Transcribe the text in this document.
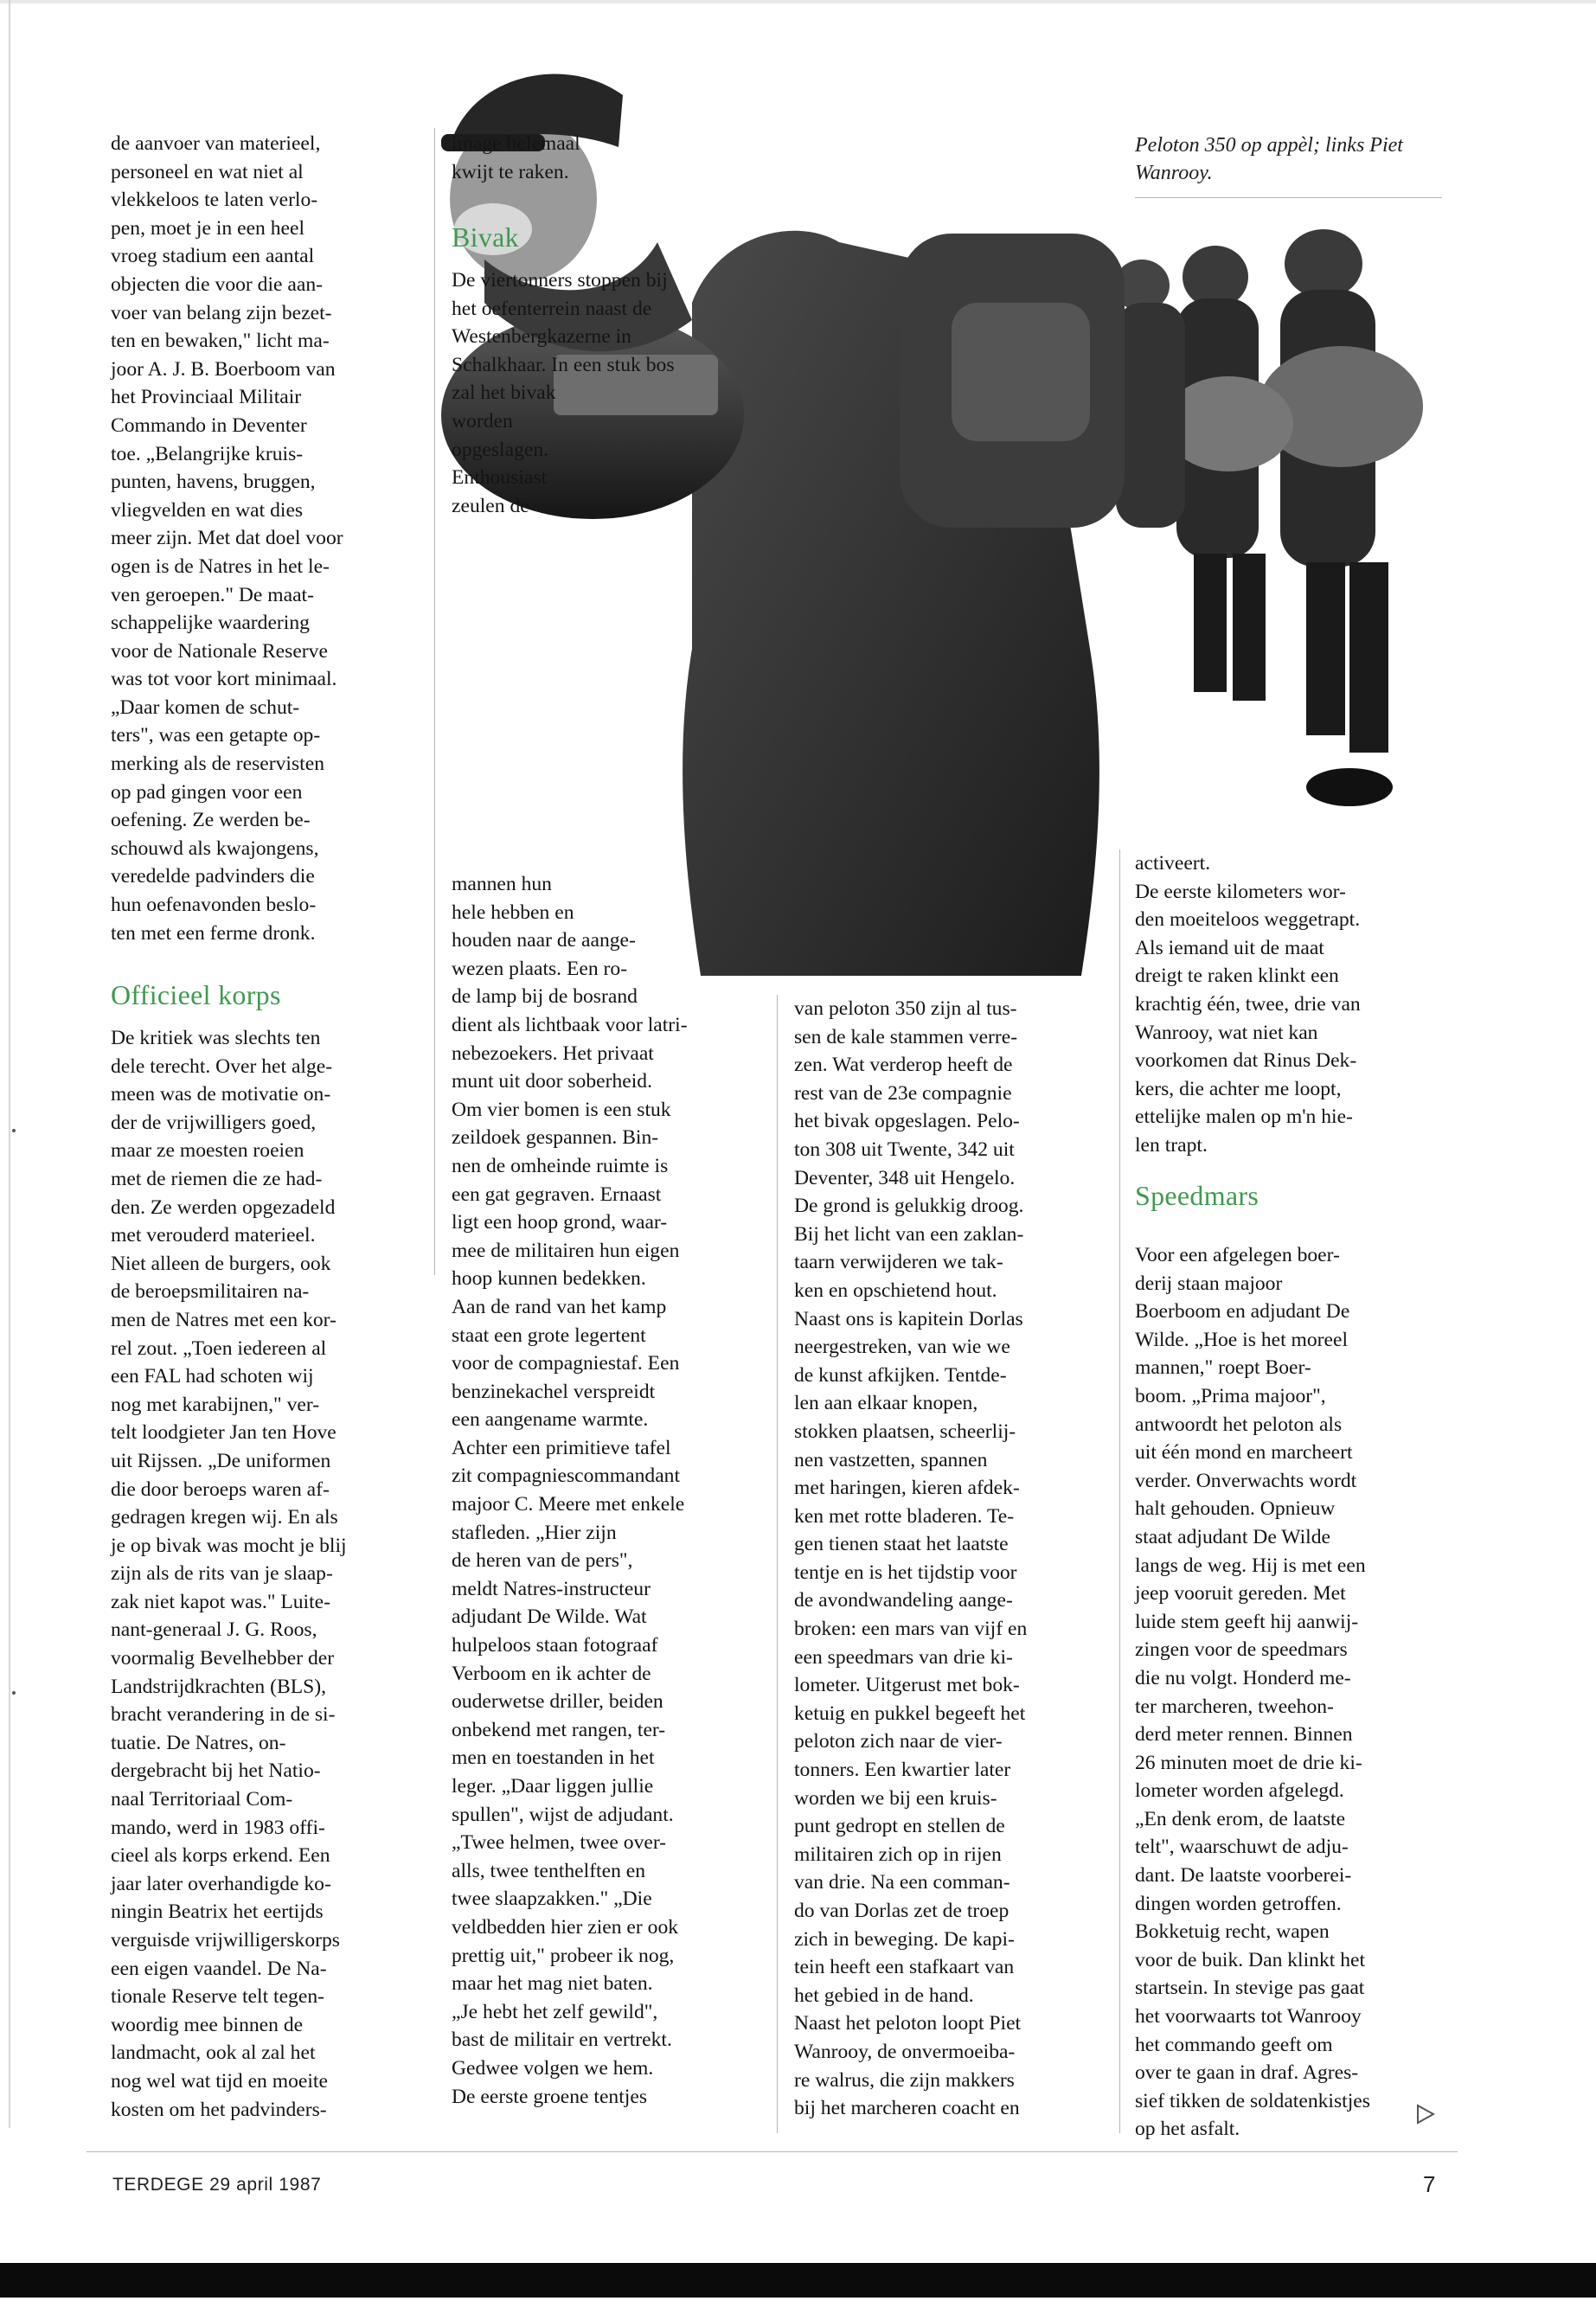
de aanvoer van materieel,
personeel en wat niet al
vlekkeloos te laten verlo-
pen, moet je in een heel
vroeg stadium een aantal
objecten die voor die aan-
voer van belang zijn bezet-
ten en bewaken," licht ma-
joor A. J. B. Boerboom van
het Provinciaal Militair
Commando in Deventer
toe. „Belangrijke kruis-
punten, havens, bruggen,
vliegvelden en wat dies
meer zijn. Met dat doel voor
ogen is de Natres in het le-
ven geroepen." De maat-
schappelijke waardering
voor de Nationale Reserve
was tot voor kort minimaal.
„Daar komen de schut-
ters", was een getapte op-
merking als de reservisten
op pad gingen voor een
oefening. Ze werden be-
schouwd als kwajongens,
veredelde padvinders die
hun oefenavonden beslo-
ten met een ferme dronk.

Officieel korps

De kritiek was slechts ten
dele terecht. Over het alge-
meen was de motivatie on-
der de vrijwilligers goed,
maar ze moesten roeien
met de riemen die ze had-
den. Ze werden opgezadeld
met verouderd materieel.
Niet alleen de burgers, ook
de beroepsmilitairen na-
men de Natres met een kor-
rel zout. „Toen iedereen al
een FAL had schoten wij
nog met karabijnen," ver-
telt loodgieter Jan ten Hove
uit Rijssen. „De uniformen
die door beroeps waren af-
gedragen kregen wij. En als
je op bivak was mocht je blij
zijn als de rits van je slaap-
zak niet kapot was." Luite-
nant-generaal J. G. Roos,
voormalig Bevelhebber der
Landstrijdkrachten (BLS),
bracht verandering in de si-
tuatie. De Natres, on-
dergebracht bij het Natio-
naal Territoriaal Com-
mando, werd in 1983 offi-
cieel als korps erkend. Een
jaar later overhandigde ko-
ningin Beatrix het eertijds
verguisde vrijwilligerskorps
een eigen vaandel. De Na-
tionale Reserve telt tegen-
woordig mee binnen de
landmacht, ook al zal het
nog wel wat tijd en moeite
kosten om het padvinders-

image helemaal
kwijt te raken.

Bivak

De viertonners stoppen bij
het oefenterrein naast de
Westenbergkazerne in
Schalkhaar. In een stuk bos
zal het bivak
worden
opgeslagen.
Enthousiast
zeulen de

mannen hun
hele hebben en
houden naar de aange-
wezen plaats. Een ro-
de lamp bij de bosrand
dient als lichtbaak voor latri-
nebezoekers. Het privaat
munt uit door soberheid.
Om vier bomen is een stuk
zeildoek gespannen. Bin-
nen de omheinde ruimte is
een gat gegraven. Ernaast
ligt een hoop grond, waar-
mee de militairen hun eigen
hoop kunnen bedekken.
Aan de rand van het kamp
staat een grote legertent
voor de compagniestaf. Een
benzinekachel verspreidt
een aangename warmte.
Achter een primitieve tafel
zit compagniescommandant
majoor C. Meere met enkele
stafleden. „Hier zijn
de heren van de pers",
meldt Natres-instructeur
adjudant De Wilde. Wat
hulpeloos staan fotograaf
Verboom en ik achter de
ouderwetse driller, beiden
onbekend met rangen, ter-
men en toestanden in het
leger. „Daar liggen jullie
spullen", wijst de adjudant.
„Twee helmen, twee over-
alls, twee tenthelften en
twee slaapzakken." „Die
veldbedden hier zien er ook
prettig uit," probeer ik nog,
maar het mag niet baten.
„Je hebt het zelf gewild",
bast de militair en vertrekt.
Gedwee volgen we hem.
De eerste groene tentjes

van peloton 350 zijn al tus-
sen de kale stammen verre-
zen. Wat verderop heeft de
rest van de 23e compagnie
het bivak opgeslagen. Pelo-
ton 308 uit Twente, 342 uit
Deventer, 348 uit Hengelo.
De grond is gelukkig droog.
Bij het licht van een zaklan-
taarn verwijderen we tak-
ken en opschietend hout.
Naast ons is kapitein Dorlas
neergestreken, van wie we
de kunst afkijken. Tentde-
len aan elkaar knopen,
stokken plaatsen, scheerlij-
nen vastzetten, spannen
met haringen, kieren afdek-
ken met rotte bladeren. Te-
gen tienen staat het laatste
tentje en is het tijdstip voor
de avondwandeling aange-
broken: een mars van vijf en
een speedmars van drie ki-
lometer. Uitgerust met bok-
ketuig en pukkel begeeft het
peloton zich naar de vier-
tonners. Een kwartier later
worden we bij een kruis-
punt gedropt en stellen de
militairen zich op in rijen
van drie. Na een comman-
do van Dorlas zet de troep
zich in beweging. De kapi-
tein heeft een stafkaart van
het gebied in de hand.
Naast het peloton loopt Piet
Wanrooy, de onvermoeiba-
re walrus, die zijn makkers
bij het marcheren coacht en

Peloton 350 op appèl; links Piet Wanrooy.

activeert.
De eerste kilometers wor-
den moeiteloos weggetrapt.
Als iemand uit de maat
dreigt te raken klinkt een
krachtig één, twee, drie van
Wanrooy, wat niet kan
voorkomen dat Rinus Dek-
kers, die achter me loopt,
ettelijke malen op m'n hie-
len trapt.

Speedmars

Voor een afgelegen boer-
derij staan majoor
Boerboom en adjudant De
Wilde. „Hoe is het moreel
mannen," roept Boer-
boom. „Prima majoor",
antwoordt het peloton als
uit één mond en marcheert
verder. Onverwachts wordt
halt gehouden. Opnieuw
staat adjudant De Wilde
langs de weg. Hij is met een
jeep vooruit gereden. Met
luide stem geeft hij aanwij-
zingen voor de speedmars
die nu volgt. Honderd me-
ter marcheren, tweehon-
derd meter rennen. Binnen
26 minuten moet de drie ki-
lometer worden afgelegd.
„En denk erom, de laatste
telt", waarschuwt de adju-
dant. De laatste voorberei-
dingen worden getroffen.
Bokketuig recht, wapen
voor de buik. Dan klinkt het
startsein. In stevige pas gaat
het voorwaarts tot Wanrooy
het commando geeft om
over te gaan in draf. Agres-
sief tikken de soldatenkistjes
op het asfalt.

TERDEGE 29 april 1987	7
